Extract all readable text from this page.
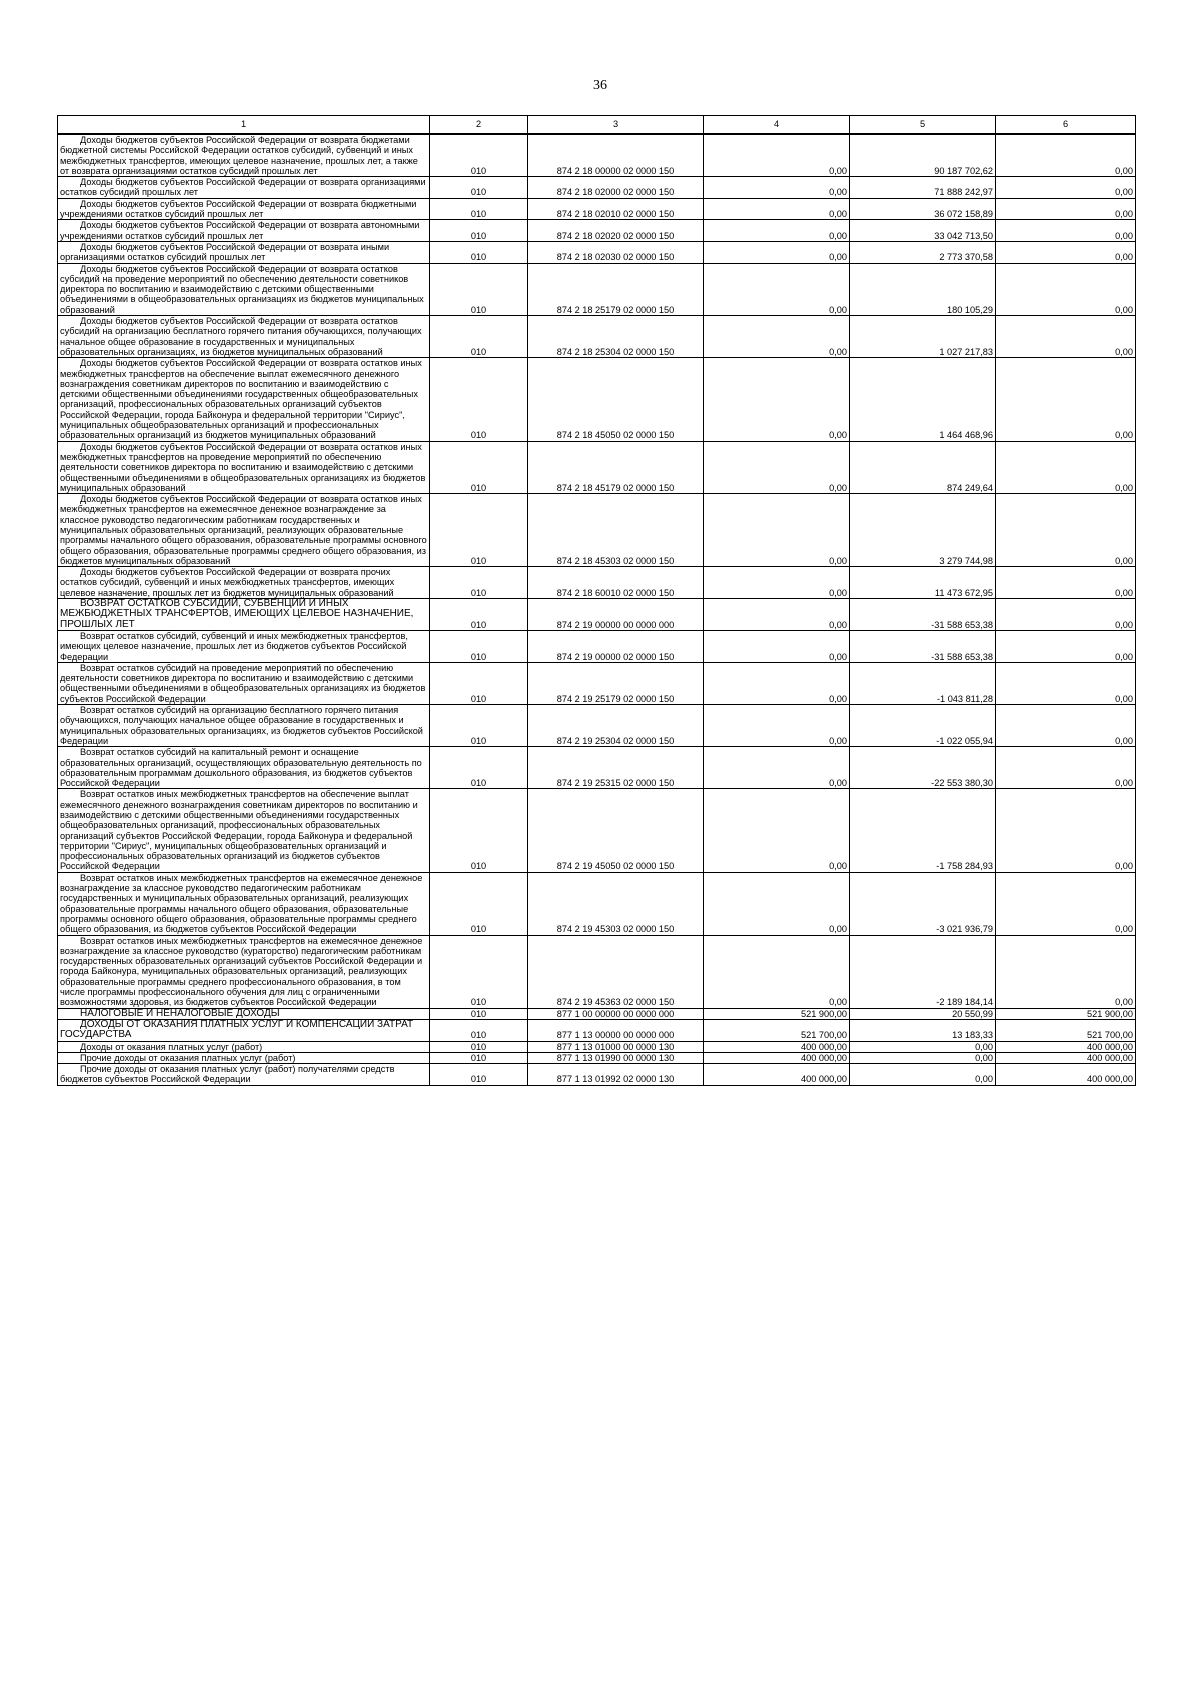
36
1	2	3	4	5	6

Доходы бюджетов субъектов Российской Федерации от возврата бюджетами бюджетной системы Российской Федерации остатков субсидий, субвенций и иных межбюджетных трансфертов, имеющих целевое назначение, прошлых лет, а также от возврата организациями остатков субсидий прошлых лет	010	874 2 18 00000 02 0000 150	0,00	90 187 702,62	0,00

Доходы бюджетов субъектов Российской Федерации от возврата организациями остатков субсидий прошлых лет	010	874 2 18 02000 02 0000 150	0,00	71 888 242,97	0,00

Доходы бюджетов субъектов Российской Федерации от возврата бюджетными учреждениями остатков субсидий прошлых лет	010	874 2 18 02010 02 0000 150	0,00	36 072 158,89	0,00

Доходы бюджетов субъектов Российской Федерации от возврата автономными учреждениями остатков субсидий прошлых лет	010	874 2 18 02020 02 0000 150	0,00	33 042 713,50	0,00

Доходы бюджетов субъектов Российской Федерации от возврата иными организациями остатков субсидий прошлых лет	010	874 2 18 02030 02 0000 150	0,00	2 773 370,58	0,00

Доходы бюджетов субъектов Российской Федерации от возврата остатков субсидий на проведение мероприятий по обеспечению деятельности советников директора по воспитанию и взаимодействию с детскими общественными объединениями в общеобразовательных организациях из бюджетов муниципальных образований	010	874 2 18 25179 02 0000 150	0,00	180 105,29	0,00

Доходы бюджетов субъектов Российской Федерации от возврата остатков субсидий на организацию бесплатного горячего питания обучающихся, получающих начальное общее образование в государственных и муниципальных образовательных организациях, из бюджетов муниципальных образований	010	874 2 18 25304 02 0000 150	0,00	1 027 217,83	0,00

Доходы бюджетов субъектов Российской Федерации от возврата остатков иных межбюджетных трансфертов на обеспечение выплат ежемесячного денежного вознаграждения советникам директоров по воспитанию и взаимодействию с детскими общественными объединениями государственных общеобразовательных организаций, профессиональных образовательных организаций субъектов Российской Федерации, города Байконура и федеральной территории "Сириус", муниципальных общеобразовательных организаций и профессиональных образовательных организаций из бюджетов муниципальных образований	010	874 2 18 45050 02 0000 150	0,00	1 464 468,96	0,00

Доходы бюджетов субъектов Российской Федерации от возврата остатков иных межбюджетных трансфертов на проведение мероприятий по обеспечению деятельности советников директора по воспитанию и взаимодействию с детскими общественными объединениями в общеобразовательных организациях из бюджетов муниципальных образований	010	874 2 18 45179 02 0000 150	0,00	874 249,64	0,00

Доходы бюджетов субъектов Российской Федерации от возврата остатков иных межбюджетных трансфертов на ежемесячное денежное вознаграждение за классное руководство педагогическим работникам государственных и муниципальных образовательных организаций, реализующих образовательные программы начального общего образования, образовательные программы основного общего образования, образовательные программы среднего общего образования, из бюджетов муниципальных образований	010	874 2 18 45303 02 0000 150	0,00	3 279 744,98	0,00

Доходы бюджетов субъектов Российской Федерации от возврата прочих остатков субсидий, субвенций и иных межбюджетных трансфертов, имеющих целевое назначение, прошлых лет из бюджетов муниципальных образований	010	874 2 18 60010 02 0000 150	0,00	11 473 672,95	0,00

ВОЗВРАТ ОСТАТКОВ СУБСИДИЙ, СУБВЕНЦИЙ И ИНЫХ МЕЖБЮДЖЕТНЫХ ТРАНСФЕРТОВ, ИМЕЮЩИХ ЦЕЛЕВОЕ НАЗНАЧЕНИЕ, ПРОШЛЫХ ЛЕТ	010	874 2 19 00000 00 0000 000	0,00	-31 588 653,38	0,00

Возврат остатков субсидий, субвенций и иных межбюджетных трансфертов, имеющих целевое назначение, прошлых лет из бюджетов субъектов Российской Федерации	010	874 2 19 00000 02 0000 150	0,00	-31 588 653,38	0,00

Возврат остатков субсидий на проведение мероприятий по обеспечению деятельности советников директора по воспитанию и взаимодействию с детскими общественными объединениями в общеобразовательных организациях из бюджетов субъектов Российской Федерации	010	874 2 19 25179 02 0000 150	0,00	-1 043 811,28	0,00

Возврат остатков субсидий на организацию бесплатного горячего питания обучающихся, получающих начальное общее образование в государственных и муниципальных образовательных организациях, из бюджетов субъектов Российской Федерации	010	874 2 19 25304 02 0000 150	0,00	-1 022 055,94	0,00

Возврат остатков субсидий на капитальный ремонт и оснащение образовательных организаций, осуществляющих образовательную деятельность по образовательным программам дошкольного образования, из бюджетов субъектов Российской Федерации	010	874 2 19 25315 02 0000 150	0,00	-22 553 380,30	0,00

Возврат остатков иных межбюджетных трансфертов на обеспечение выплат ежемесячного денежного вознаграждения советникам директоров по воспитанию и взаимодействию с детскими общественными объединениями государственных общеобразовательных организаций, профессиональных образовательных организаций субъектов Российской Федерации, города Байконура и федеральной территории "Сириус", муниципальных общеобразовательных организаций и профессиональных образовательных организаций из бюджетов субъектов Российской Федерации	010	874 2 19 45050 02 0000 150	0,00	-1 758 284,93	0,00

Возврат остатков иных межбюджетных трансфертов на ежемесячное денежное вознаграждение за классное руководство педагогическим работникам государственных и муниципальных образовательных организаций, реализующих образовательные программы начального общего образования, образовательные программы основного общего образования, образовательные программы среднего общего образования, из бюджетов субъектов Российской Федерации	010	874 2 19 45303 02 0000 150	0,00	-3 021 936,79	0,00

Возврат остатков иных межбюджетных трансфертов на ежемесячное денежное вознаграждение за классное руководство (кураторство) педагогическим работникам государственных образовательных организаций субъектов Российской Федерации и города Байконура, муниципальных образовательных организаций, реализующих образовательные программы среднего профессионального образования, в том числе программы профессионального обучения для лиц с ограниченными возможностями здоровья, из бюджетов субъектов Российской Федерации	010	874 2 19 45363 02 0000 150	0,00	-2 189 184,14	0,00

НАЛОГОВЫЕ И НЕНАЛОГОВЫЕ ДОХОДЫ	010	877 1 00 00000 00 0000 000	521 900,00	20 550,99	521 900,00

ДОХОДЫ ОТ ОКАЗАНИЯ ПЛАТНЫХ УСЛУГ И КОМПЕНСАЦИИ ЗАТРАТ ГОСУДАРСТВА	010	877 1 13 00000 00 0000 000	521 700,00	13 183,33	521 700,00

Доходы от оказания платных услуг (работ)	010	877 1 13 01000 00 0000 130	400 000,00	0,00	400 000,00

Прочие доходы от оказания платных услуг (работ)	010	877 1 13 01990 00 0000 130	400 000,00	0,00	400 000,00

Прочие доходы от оказания платных услуг (работ) получателями средств бюджетов субъектов Российской Федерации	010	877 1 13 01992 02 0000 130	400 000,00	0,00	400 000,00
